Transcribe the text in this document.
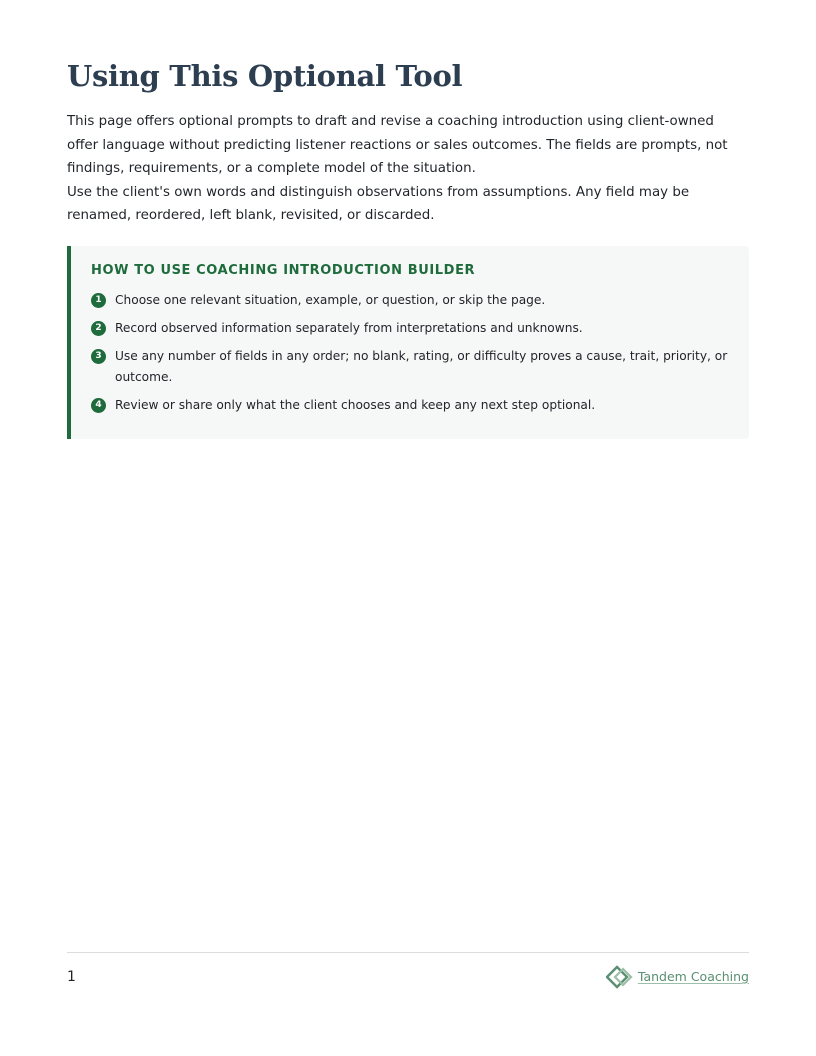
Using This Optional Tool

This page offers optional prompts to draft and revise a coaching introduction using client-owned offer language without predicting listener reactions or sales outcomes. The fields are prompts, not findings, requirements, or a complete model of the situation.

Use the client's own words and distinguish observations from assumptions. Any field may be renamed, reordered, left blank, revisited, or discarded.

HOW TO USE COACHING INTRODUCTION BUILDER
1	Choose one relevant situation, example, or question, or skip the page.
2	Record observed information separately from interpretations and unknowns.
3	Use any number of fields in any order; no blank, rating, or difficulty proves a cause, trait, priority, or outcome.
4	Review or share only what the client chooses and keep any next step optional.
1	Tandem Coaching
